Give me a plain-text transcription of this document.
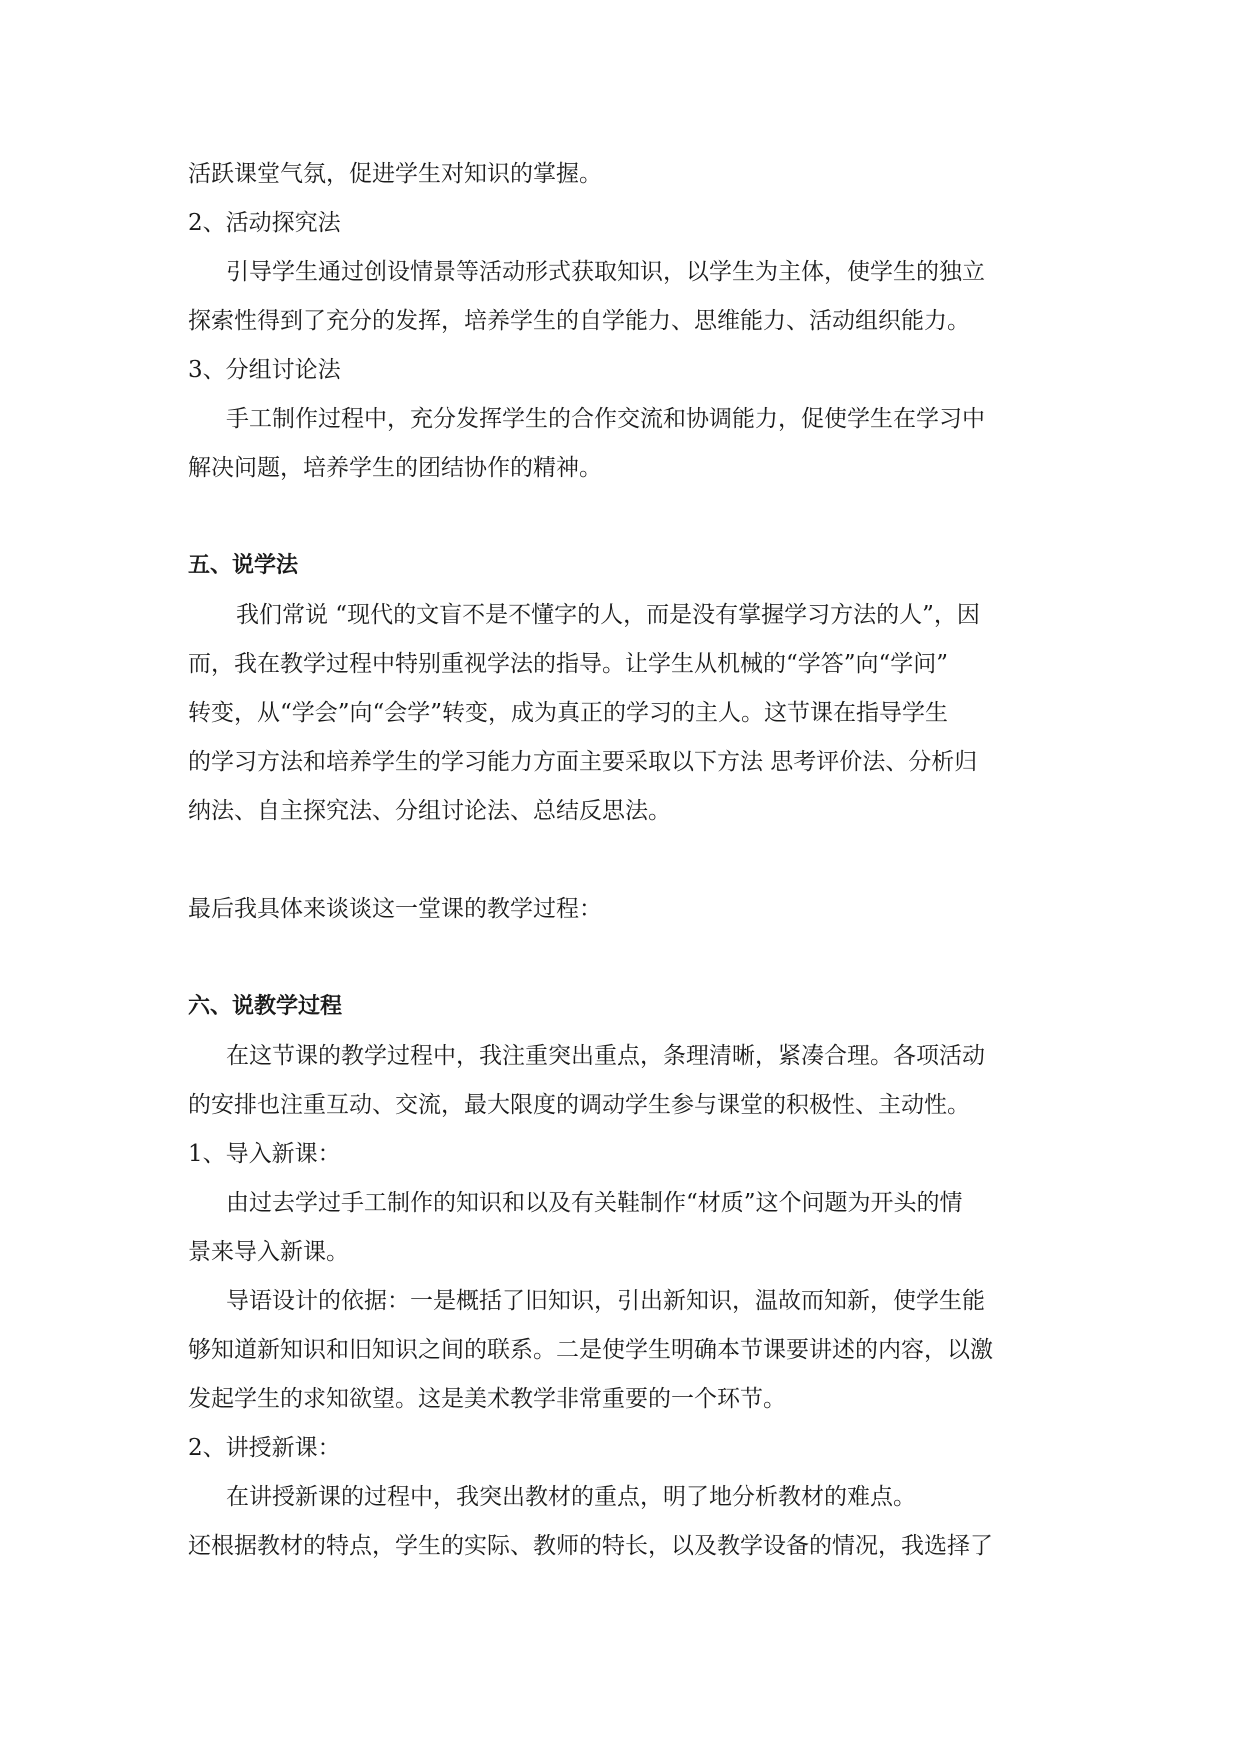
活跃课堂气氛，促进学生对知识的掌握。

2、活动探究法

引导学生通过创设情景等活动形式获取知识，以学生为主体，使学生的独立

探索性得到了充分的发挥，培养学生的自学能力、思维能力、活动组织能力。

3、分组讨论法

手工制作过程中，充分发挥学生的合作交流和协调能力，促使学生在学习中

解决问题，培养学生的团结协作的精神。

五、说学法

我们常说 “现代的文盲不是不懂字的人，而是没有掌握学习方法的人”，因

而，我在教学过程中特别重视学法的指导。让学生从机械的“学答”向“学问”

转变，从“学会”向“会学”转变，成为真正的学习的主人。这节课在指导学生

的学习方法和培养学生的学习能力方面主要采取以下方法 思考评价法、分析归

纳法、自主探究法、分组讨论法、总结反思法。

最后我具体来谈谈这一堂课的教学过程：

六、说教学过程

在这节课的教学过程中，我注重突出重点，条理清晰，紧凑合理。各项活动

的安排也注重互动、交流，最大限度的调动学生参与课堂的积极性、主动性。

1、导入新课：

由过去学过手工制作的知识和以及有关鞋制作“材质”这个问题为开头的情

景来导入新课。

导语设计的依据：一是概括了旧知识，引出新知识，温故而知新，使学生能

够知道新知识和旧知识之间的联系。二是使学生明确本节课要讲述的内容，以激

发起学生的求知欲望。这是美术教学非常重要的一个环节。

2、讲授新课：

在讲授新课的过程中，我突出教材的重点，明了地分析教材的难点。

还根据教材的特点，学生的实际、教师的特长，以及教学设备的情况，我选择了
